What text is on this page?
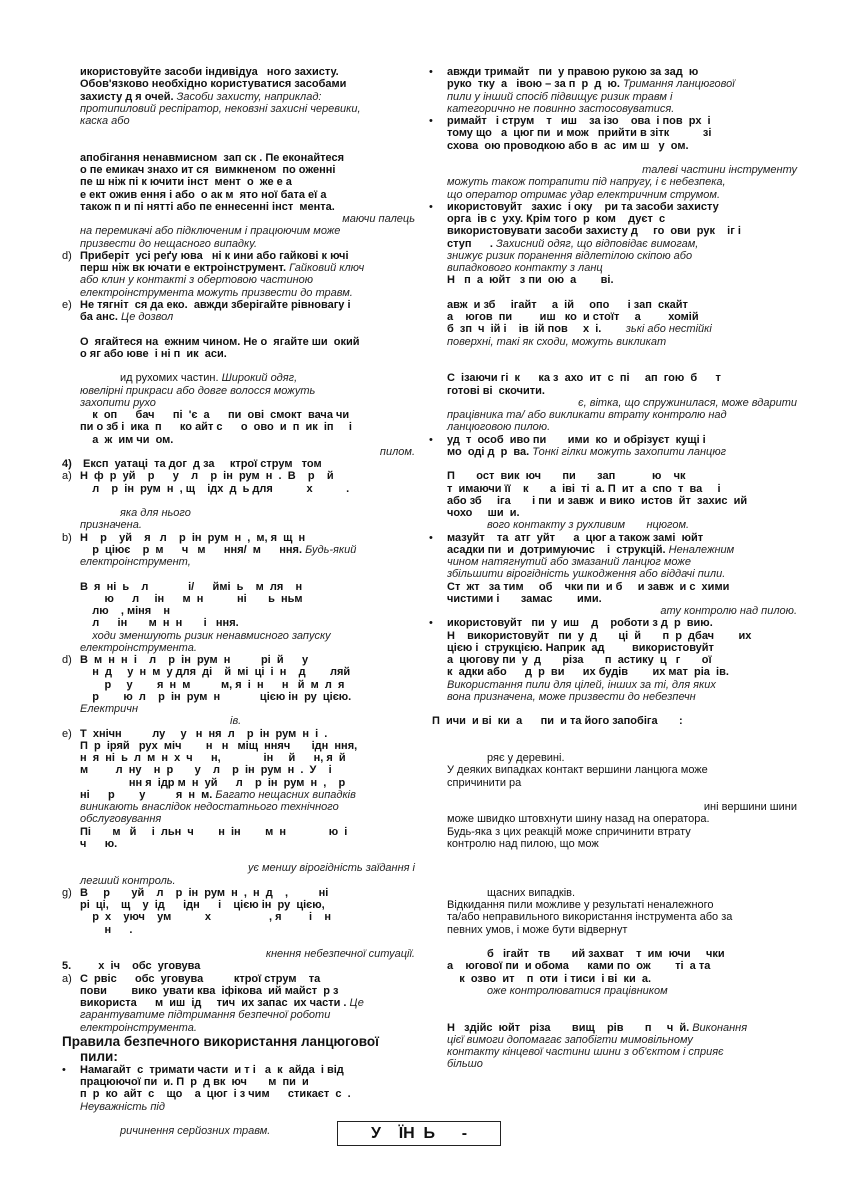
икористовуйте засоби індивідуа   ного захисту.
Обов'язково необхідно користуватися засобами
захисту д я очей. Засоби захисту, наприклад:
протипиловий респіратор, нековзні захисні черевики,
каска або
апобігання ненавмисном  зап ск . Пе еконайтеся
о пе емикач знахо ит ся  вимкненом  по оженні
пе ш ніж пі к ючити інст  мент  о  же е а
е ект ожив ення і або  о ак м  ято ної бата еї а
також п и пі нятті або пе еннесенні інст  мента.
маючи палець
на перемикачі або підключеним і працюючим може
призвести до нещасного випадку.
d) Приберіт  усі реґу юва   ні к ини або гайкові к ючі
перш ніж вк ючати е ектроінструмент. Гайковий ключ
або клин у контакті з обертовою частиною
електроінструмента можуть призвести до травм.
e) Не тягніт  ся да еко.  авжди зберігайте рівновагу і
ба анс. Це дозвол
О  ягайтеся на  ежним чином. Не о  ягайте ши  окий
о яг або юве  і ні п  ик  аси.
ид рухомих частин. Широкий одяг,
ювелірні прикраси або довге волосся можуть
захопити рухо
к  оп      бач      пі  'є  а      пи  ові  смокт  вача чи
пи о зб і  ика  п      ко айт с      о  ово  и  п  ик  іп     і
а  ж  им чи  ом.
пилом.
4) Експ  уатаці  та дог  д за     ктрої струм   том
a) Н  ф  р  уй    р      у    л    р  ін  рум  н  .  В    р    й
л    р  ін  рум  н  , щ    ідх  д  ь для           х           .
яка для нього
призначена.
b) Н    р    уй    я   л    р  ін  рум  н  ,  м, я  щ  н
р  ціює    р  м      ч   м      ння/  м      ння. Будь-який
електроінструмент,
В  я  нi  ь    л             і/      ймі  ь    м  ля    н
ю      л     ін      м  н           ні       ь  ньм
лю    , міня    н
л      ін       м  н  н       і   ння.
ходи зменшують ризик ненавмисного запуску
електроінструмента.
d) В  м  н  н  і    л    р  ін  рум  н          рі  й      у
н  д     у  н  м  у для  ді    й  мі  ці  і  н    д        ляй
р     у        я  н  м          м, я  і  н      н   й  м  л  я
р        ю  л    р  ін  рум  н             цією ін  ру  цією.
Електричн
ів.
e) Т  хнічн          лу     у   н  ня  л    р  ін  рум  н  і  .
П  р  іряй   рух  міч        н   н   міщ  нняч       ідн  ння,
н  я  ні  ь  л  м  н  х  ч      н,              ін     й      н, я  й
м         л  ну    н  р       у    л    р  ін  рум  н  .  У    і
нн я  ідр м  н  уй      л    р  ін  рум  н  ,    р
ні      р        у          я  н  м. Багато нещасних випадків
виникають внаслідок недостатнього технічного
обслуговування
Пі       м   й     і  льн  ч        н  ін        м  н              ю  і
ч      ю.
ує меншу вірогідність заїдання і
легший контроль.
g) В     р       уй    л    р  ін  рум  н  ,  н  д    ,          ні
рі  ці,    щ    у  ід      ідн      і    цією ін  ру  цією,
р  х    уюч    ум           х                   , я         і    н
н      .
кнення небезпечної ситуації.
5. х  іч    обс  уговува
a) С  рвіс      обс  уговува          ктрої струм    та
пови        вико  увати ква  іфікова  ий майст  р з
використа      м  иш  ід     тич  их запас  их части . Це
гарантуватиме підтримання безпечної роботи
електроінструмента.
Правила безпечного використання ланцюгової
пили:
• Намагайт  с  тримати части  и т і   а  к  айда  і від
працюючої пи  и. П  р  д вк  юч       м  пи  и
п  р  ко  айт  с    що    а  цюг  і з чим      стикаєт  с  .
Неуважність під
ричинення серйозних травм.
• авжди тримайт   пи  у правою рукою за зад  ю
руко  тку  а   івою – за п  р  д  ю. Тримання ланцюгової
пили у інший спосіб підвищує ризик травм і
категорично не повинно застосовуватися.
• римайт   і струм    т   иш    за ізо    ова  і пов  рх  і
тому що   а  цюг пи  и мож   прийти в зітк           зі
схова  ою проводкою або в  ас  им ш   у  ом.
талеві частини інструменту
можуть також потрапити під напругу, і є небезпека,
що оператор отримає удар електричним струмом.
• икористовуйт   захис  і оку    ри та засоби захисту
орга  ів с  уху. Крім того  р  ком    дуєт  с
використовувати засоби захисту д     го  ови  рук    іг і
ступ      . Захисний одяг, що відповідає вимогам,
знижує ризик поранення відлетілою скіпою або
випадкового контакту з ланц
Н   п  а  юйт   з пи  ою  а        ві.
авж  и зб     ігайт     а  ій     опо      і зап  скайт
а    югов  пи         иш   ко  и стоїт     а         хомій
б  зп  ч  ій і    ів  ій пов     х  і.        зькі або нестійкі
поверхні, такі як сходи, можуть викликат
С  ізаючи гі  к      ка з  ахо  ит  с  пі     ап  гою  б      т
готові ві  скочити.
є, вітка, що спружинилася, може вдарити
працівника та/ або викликати втрату контролю над
ланцюговою пилою.
• уд  т  особ  иво пи       ими  ко  и обрізуєт  кущі і
мо  оді д  р  ва. Тонкі гілки можуть захопити ланцюг
П       ост  вик  юч       пи       зап            ю    чк
т  имаючи її    к       а  іві  ті  а. П  ит  а  спо  т  ва     і
або зб     іга       і пи  и завж  и вико  истов  йт  захис  ий
чохо     ши  и.
вого контакту з рухливим       нцюгом.
• мазуйт    та  атг  уйт      а  цюг а також замі  юйт
асадки пи  и  дотримуючис    і  струкцій. Неналежним
чином натягнутий або змазаний ланцюг може
збільшити вірогідність ушкодження або віддачі пили.
Ст  жт   за тим     об    чки пи  и б     и завж  и с  хими
чистими і       замас        ими.
ату контролю над пилою.
• икористовуйт   пи  у  иш    д    роботи з д  р  вию.
Н    використовуйт   пи  у  д       ці  й       п  р  дбач        их
цією і  струкцією. Наприк  ад         використовуйт
а  цюгову пи  у  д       різа       п  астику  ц   г       ої
к  адки або      д  р  ви      их будів        их мат  ріа  ів.
Використання пили для цілей, інших за ті, для яких
вона призначена, може призвести до небезпечн
П  ичи  и ві  ки  а      пи  и та його запобіга       :
ряє у деревині.
У деяких випадках контакт вершини ланцюга може
спричинити ра
ині вершини шини
може швидко штовхнути шину назад на оператора.
Будь-яка з цих реакцій може спричинити втрату
контролю над пилою, що мож
щасних випадків.
Відкидання пили можливе у результаті неналежного
та/або неправильного використання інструмента або за
певних умов, і може бути відвернут
б   ігайт   тв       ий захват    т  им  ючи     чки
а    югової пи  и обома      ками по  ож        ті  а та
к  озво  ит    п  оти  і тиси  і ві  ки  а.
оже контролюватися працівником
Н   здійс  юйт   різа       вищ    рів       п     ч  й. Виконання
цієї вимоги допомагає запобігти мимовільному
контакту кінцевої частини шини з об'єктом і сприяє
більшо
У    ЇН  Ь      -
